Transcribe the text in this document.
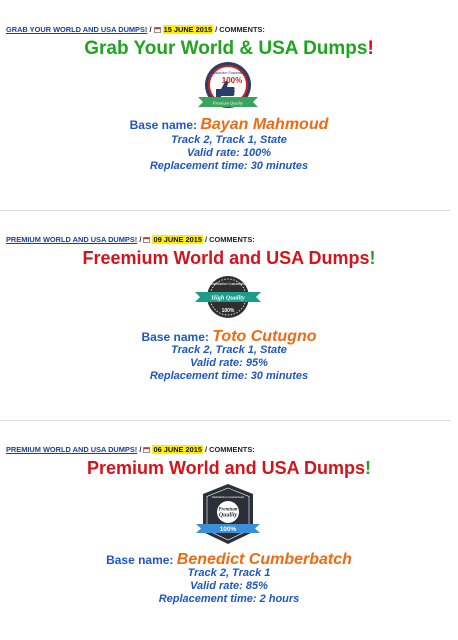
GRAB YOUR WORLD AND USA DUMPS! /  15 JUNE 2015 / COMMENTS:
Grab Your World & USA Dumps!
Satisfaction Guaranteed
100%
Premium Quality
Base name: Bayan Mahmoud
Track 2, Track 1, State
Valid rate: 100%
Replacement time: 30 minutes
PREMIUM WORLD AND USA DUMPS! /  09 JUNE 2015 / COMMENTS:
Freemium World and USA Dumps!
Satisfaction Guaranteed
High Quality
100%
Base name: Toto Cutugno
Track 2, Track 1, State
Valid rate: 95%
Replacement time: 30 minutes
PREMIUM WORLD AND USA DUMPS! /  06 JUNE 2015 / COMMENTS:
Premium World and USA Dumps!
Satisfaction Guaranteed
Premium
Quality
100%
Base name: Benedict Cumberbatch
Track 2, Track 1
Valid rate: 85%
Replacement time: 2 hours
